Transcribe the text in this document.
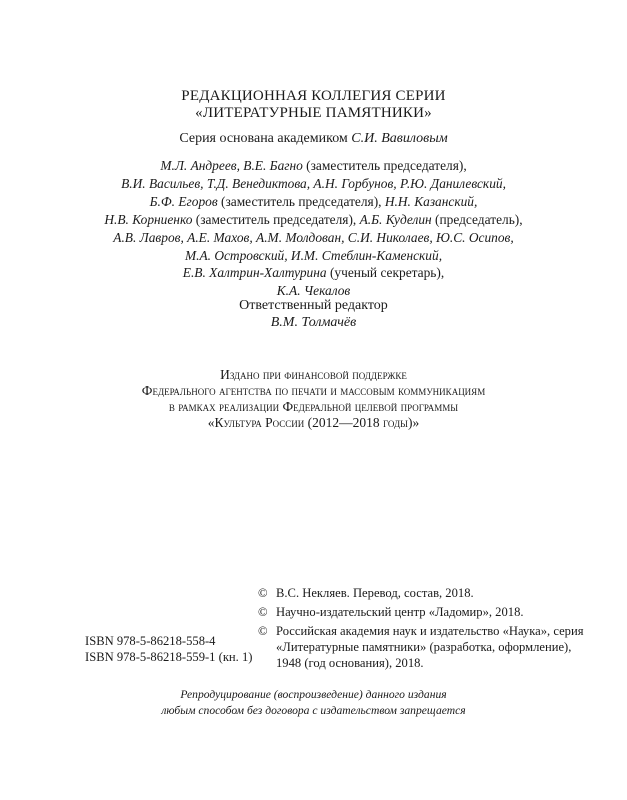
РЕДАКЦИОННАЯ КОЛЛЕГИЯ СЕРИИ
«ЛИТЕРАТУРНЫЕ ПАМЯТНИКИ»
Серия основана академиком С.И. Вавиловым
М.Л. Андреев, В.Е. Багно (заместитель председателя),
В.И. Васильев, Т.Д. Венедиктова, А.Н. Горбунов, Р.Ю. Данилевский,
Б.Ф. Егоров (заместитель председателя), Н.Н. Казанский,
Н.В. Корниенко (заместитель председателя), А.Б. Куделин (председатель),
А.В. Лавров, А.Е. Махов, А.М. Молдован, С.И. Николаев, Ю.С. Осипов,
М.А. Островский, И.М. Стеблин-Каменский,
Е.В. Халтрин-Халтурина (ученый секретарь),
К.А. Чекалов
Ответственный редактор
В.М. Толмачёв
Издано при финансовой поддержке
Федерального агентства по печати и массовым коммуникациям
в рамках реализации Федеральной целевой программы
«Культура России (2012—2018 годы)»
© В.С. Некляев. Перевод, состав, 2018.
© Научно-издательский центр «Ладомир», 2018.
© Российская академия наук и издательство «Наука», серия «Литературные памятники» (разработка, оформление), 1948 (год основания), 2018.
ISBN 978-5-86218-558-4
ISBN 978-5-86218-559-1 (кн. 1)
Репродуцирование (воспроизведение) данного издания
любым способом без договора с издательством запрещается
